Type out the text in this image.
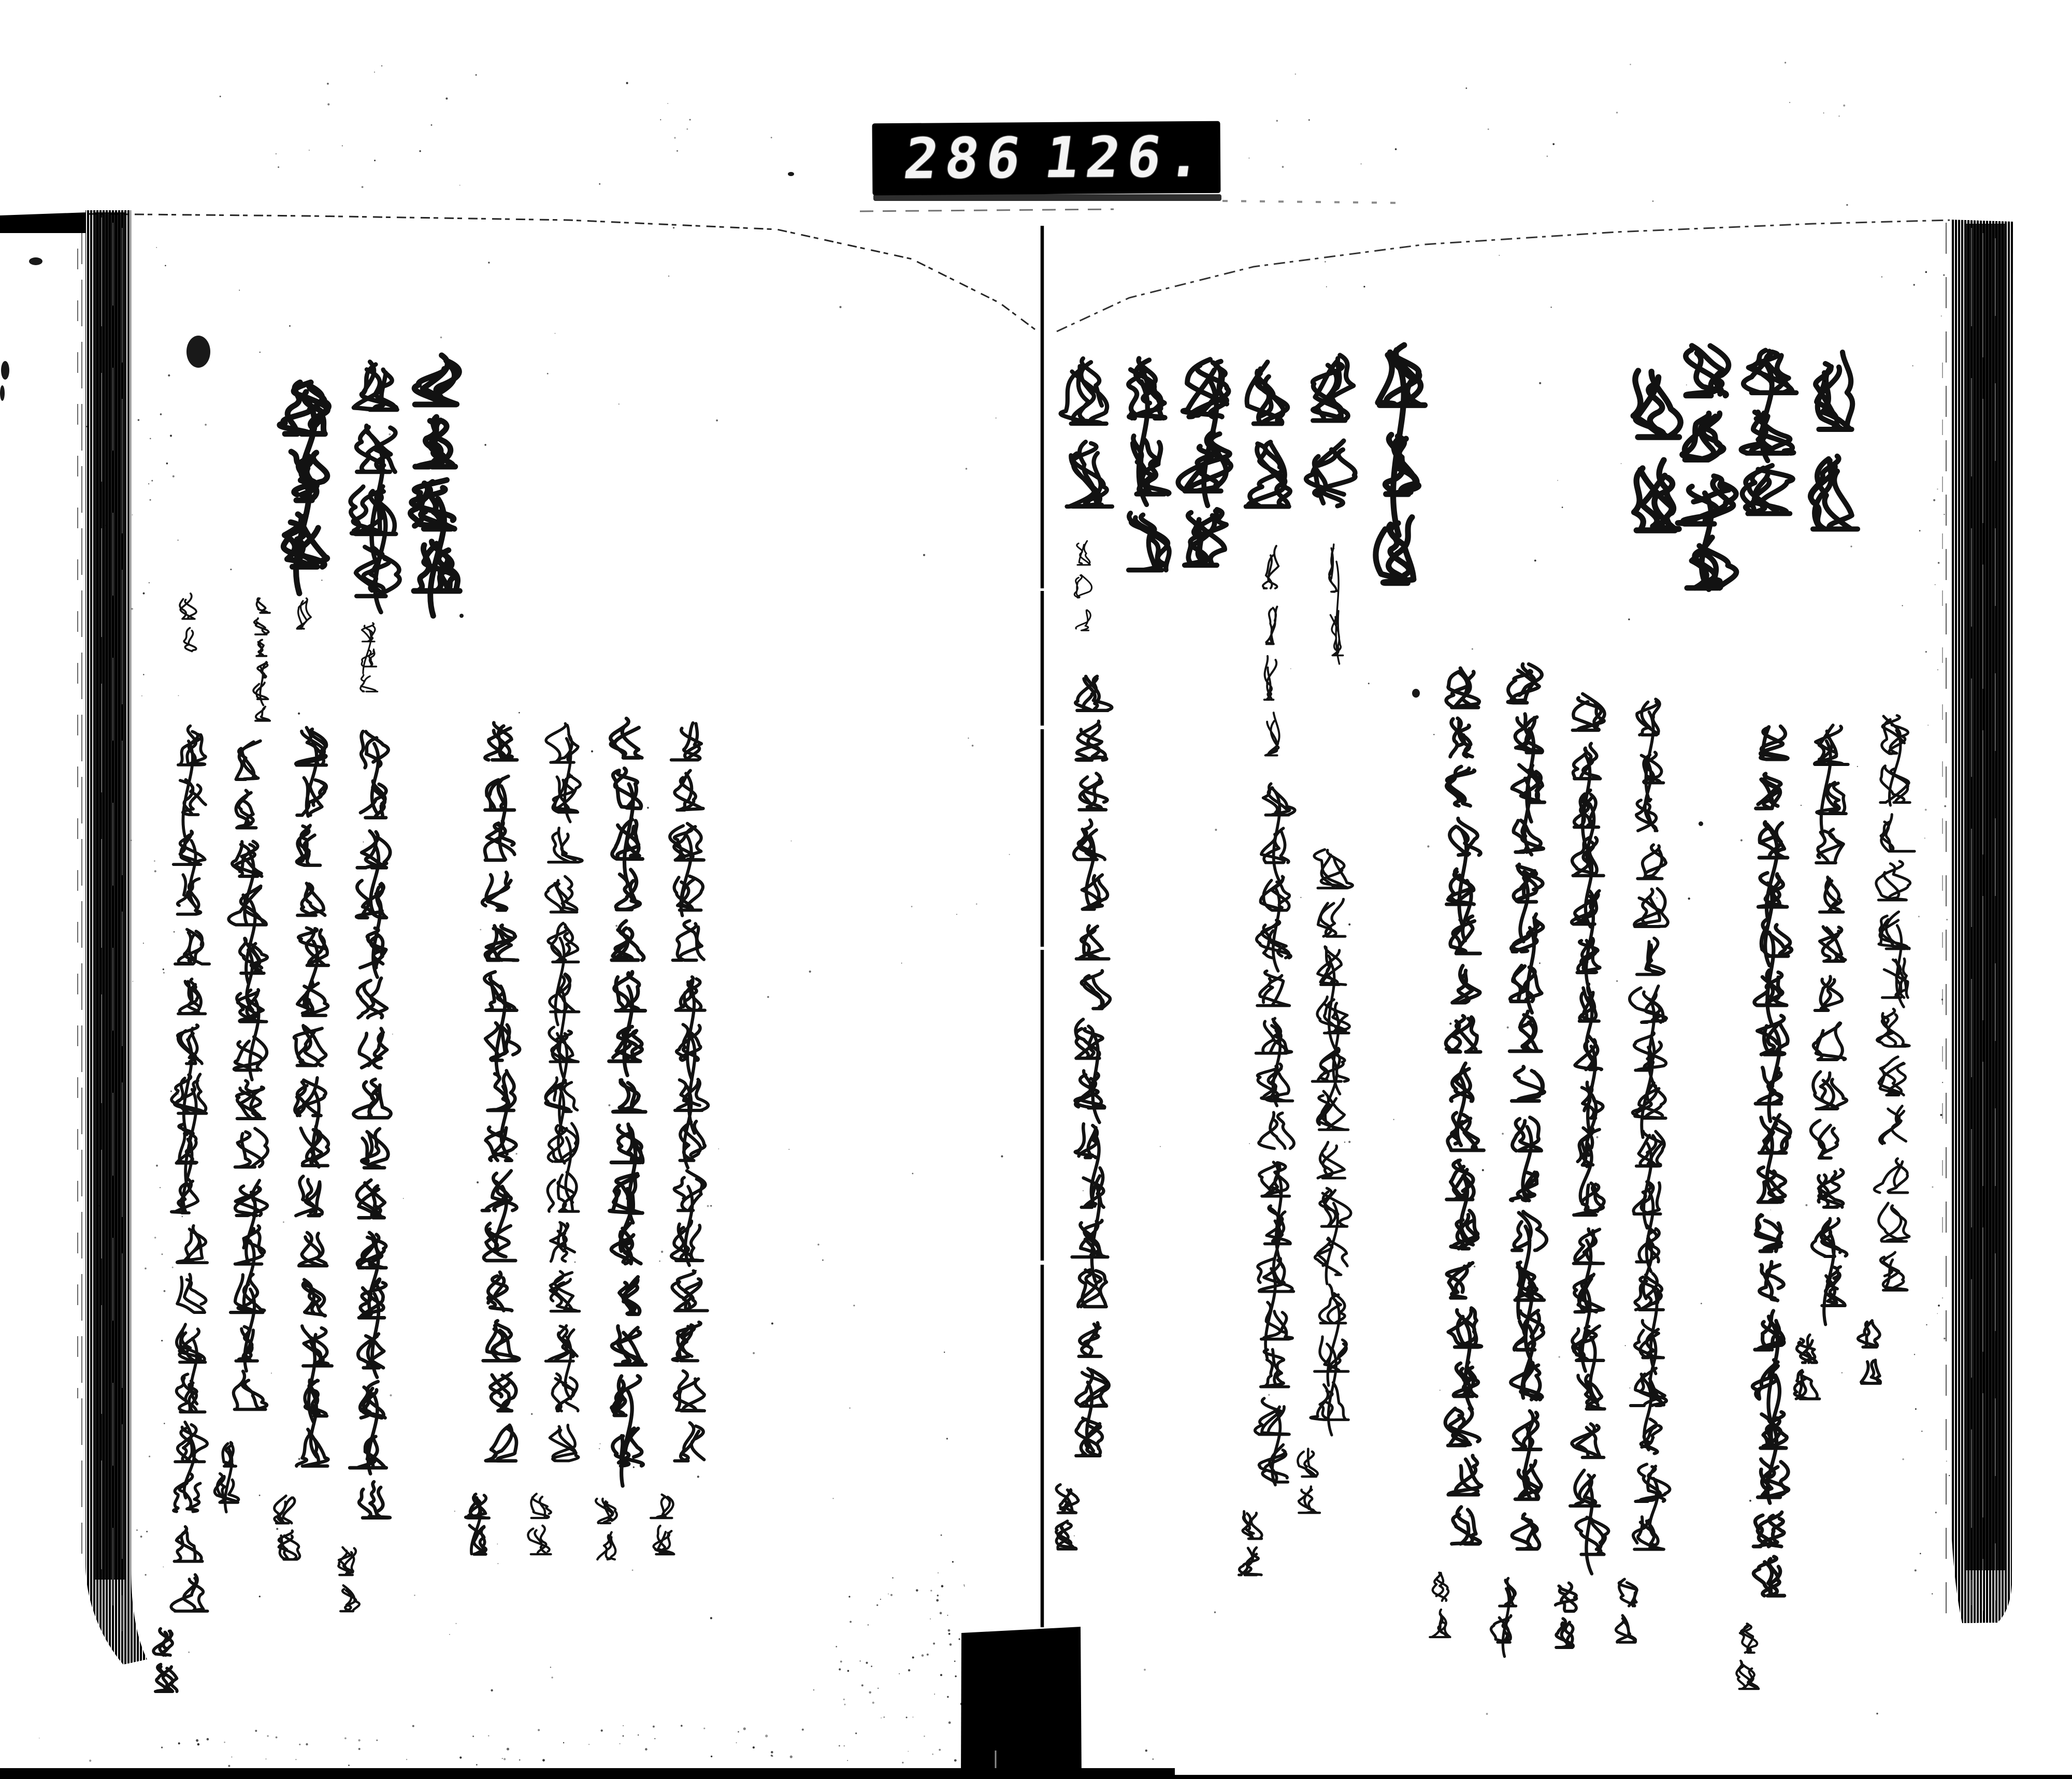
286 126.
